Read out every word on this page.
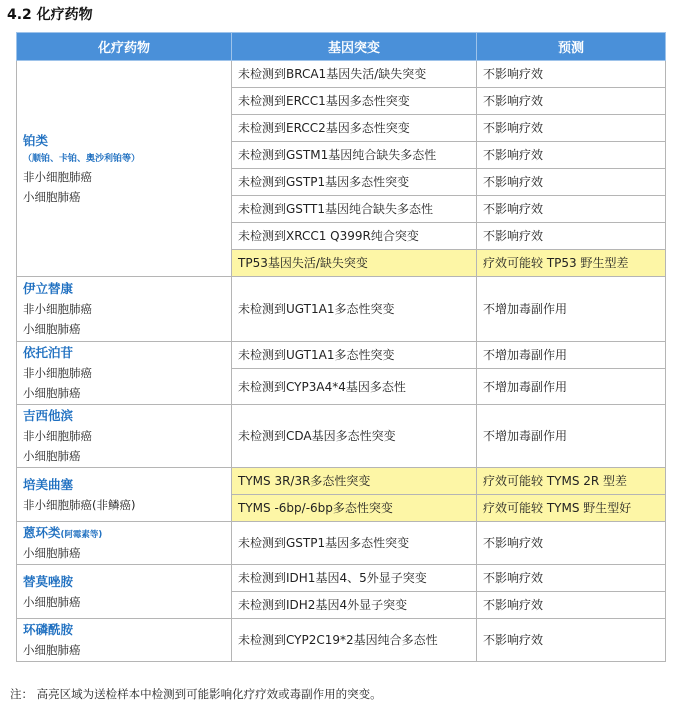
4.2 化疗药物
化疗药物	基因突变	预测

铂类
（顺铂、卡铂、奥沙利铂等）
非小细胞肺癌
小细胞肺癌	未检测到BRCA1基因失活/缺失突变	不影响疗效
	未检测到ERCC1基因多态性突变	不影响疗效
	未检测到ERCC2基因多态性突变	不影响疗效
	未检测到GSTM1基因纯合缺失多态性	不影响疗效
	未检测到GSTP1基因多态性突变	不影响疗效
	未检测到GSTT1基因纯合缺失多态性	不影响疗效
	未检测到XRCC1 Q399R纯合突变	不影响疗效
	TP53基因失活/缺失突变	疗效可能较 TP53 野生型差

伊立替康
非小细胞肺癌
小细胞肺癌	未检测到UGT1A1多态性突变	不增加毒副作用

依托泊苷
非小细胞肺癌
小细胞肺癌	未检测到UGT1A1多态性突变	不增加毒副作用
	未检测到CYP3A4*4基因多态性	不增加毒副作用

吉西他滨
非小细胞肺癌
小细胞肺癌	未检测到CDA基因多态性突变	不增加毒副作用

培美曲塞
非小细胞肺癌(非鳞癌)	TYMS 3R/3R多态性突变	疗效可能较 TYMS 2R 型差
	TYMS -6bp/-6bp多态性突变	疗效可能较 TYMS 野生型好

蒽环类(阿霉素等)
小细胞肺癌	未检测到GSTP1基因多态性突变	不影响疗效

替莫唑胺
小细胞肺癌	未检测到IDH1基因4、5外显子突变	不影响疗效
	未检测到IDH2基因4外显子突变	不影响疗效

环磷酰胺
小细胞肺癌	未检测到CYP2C19*2基因纯合多态性	不影响疗效
注： 高亮区域为送检样本中检测到可能影响化疗疗效或毒副作用的突变。
